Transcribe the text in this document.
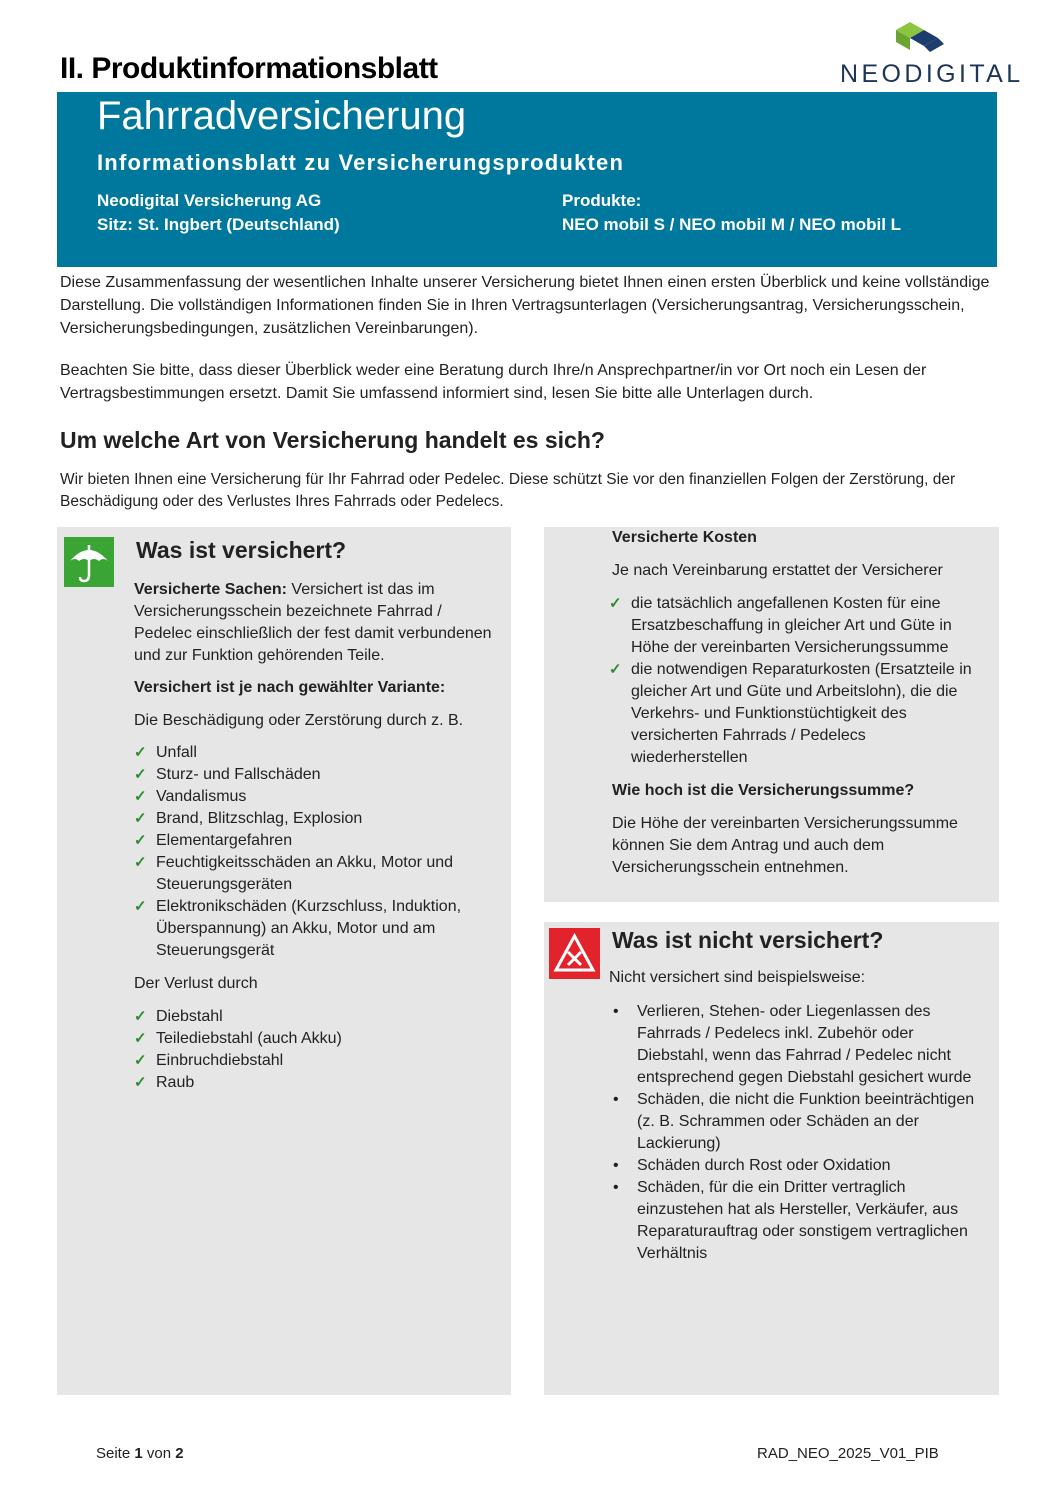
II. Produktinformationsblatt	NEODIGITAL
Fahrradversicherung
Informationsblatt zu Versicherungsprodukten
Neodigital Versicherung AG
Sitz: St. Ingbert (Deutschland)
Produkte:
NEO mobil S / NEO mobil M / NEO mobil L
Diese Zusammenfassung der wesentlichen Inhalte unserer Versicherung bietet Ihnen einen ersten Überblick und keine vollständige Darstellung. Die vollständigen Informationen finden Sie in Ihren Vertragsunterlagen (Versicherungsantrag, Versicherungsschein, Versicherungsbedingungen, zusätzlichen Vereinbarungen).
Beachten Sie bitte, dass dieser Überblick weder eine Beratung durch Ihre/n Ansprechpartner/in vor Ort noch ein Lesen der Vertragsbestimmungen ersetzt. Damit Sie umfassend informiert sind, lesen Sie bitte alle Unterlagen durch.
Um welche Art von Versicherung handelt es sich?
Wir bieten Ihnen eine Versicherung für Ihr Fahrrad oder Pedelec. Diese schützt Sie vor den finanziellen Folgen der Zerstörung, der Beschädigung oder des Verlustes Ihres Fahrrads oder Pedelecs.
Was ist versichert?
Versicherte Sachen: Versichert ist das im Versicherungsschein bezeichnete Fahrrad / Pedelec einschließlich der fest damit verbundenen und zur Funktion gehörenden Teile.
Versichert ist je nach gewählter Variante:
Die Beschädigung oder Zerstörung durch z. B.
✓ Unfall
✓ Sturz- und Fallschäden
✓ Vandalismus
✓ Brand, Blitzschlag, Explosion
✓ Elementargefahren
✓ Feuchtigkeitsschäden an Akku, Motor und Steuerungsgeräten
✓ Elektronikschäden (Kurzschluss, Induktion, Überspannung) an Akku, Motor und am Steuerungsgerät
Der Verlust durch
✓ Diebstahl
✓ Teilediebstahl (auch Akku)
✓ Einbruchdiebstahl
✓ Raub
Versicherte Kosten
Je nach Vereinbarung erstattet der Versicherer
✓ die tatsächlich angefallenen Kosten für eine Ersatzbeschaffung in gleicher Art und Güte in Höhe der vereinbarten Versicherungssumme
✓ die notwendigen Reparaturkosten (Ersatzteile in gleicher Art und Güte und Arbeitslohn), die die Verkehrs- und Funktionstüchtigkeit des versicherten Fahrrads / Pedelecs wiederherstellen
Wie hoch ist die Versicherungssumme?
Die Höhe der vereinbarten Versicherungssumme können Sie dem Antrag und auch dem Versicherungsschein entnehmen.
Was ist nicht versichert?
Nicht versichert sind beispielsweise:
• Verlieren, Stehen- oder Liegenlassen des Fahrrads / Pedelecs inkl. Zubehör oder Diebstahl, wenn das Fahrrad / Pedelec nicht entsprechend gegen Diebstahl gesichert wurde
• Schäden, die nicht die Funktion beeinträchtigen (z. B. Schrammen oder Schäden an der Lackierung)
• Schäden durch Rost oder Oxidation
• Schäden, für die ein Dritter vertraglich einzustehen hat als Hersteller, Verkäufer, aus Reparaturauftrag oder sonstigem vertraglichen Verhältnis
Seite 1 von 2	RAD_NEO_2025_V01_PIB
